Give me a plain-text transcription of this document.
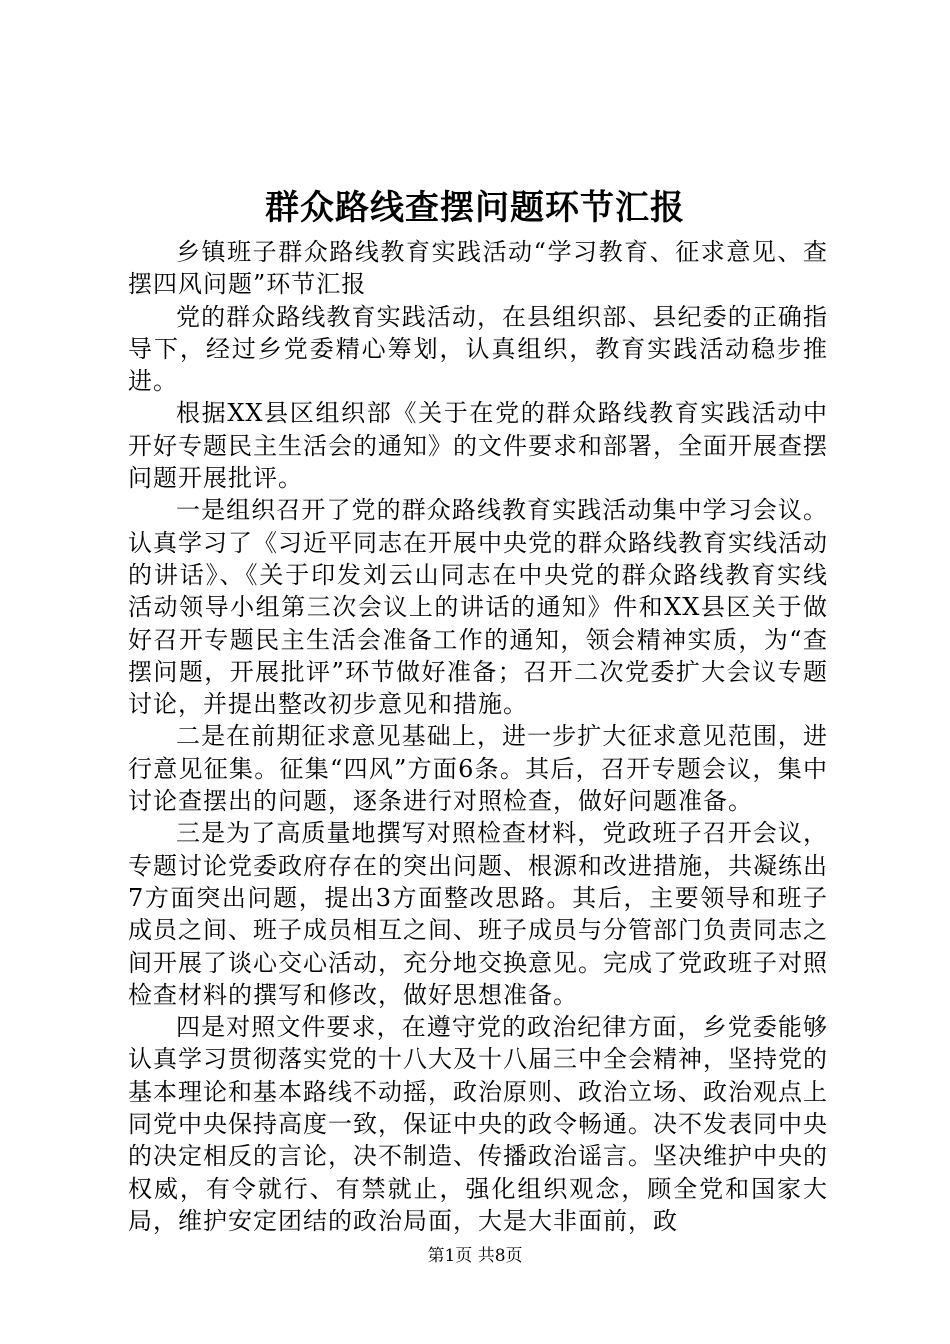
群众路线查摆问题环节汇报

乡镇班子群众路线教育实践活动“学习教育、征求意见、查摆四风问题”环节汇报

党的群众路线教育实践活动，在县组织部、县纪委的正确指导下，经过乡党委精心筹划，认真组织，教育实践活动稳步推进。

根据XX县区组织部《关于在党的群众路线教育实践活动中开好专题民主生活会的通知》的文件要求和部署，全面开展查摆问题开展批评。

一是组织召开了党的群众路线教育实践活动集中学习会议。认真学习了《习近平同志在开展中央党的群众路线教育实线活动的讲话》、《关于印发刘云山同志在中央党的群众路线教育实线活动领导小组第三次会议上的讲话的通知》件和XX县区关于做好召开专题民主生活会准备工作的通知，领会精神实质，为“查摆问题，开展批评”环节做好准备；召开二次党委扩大会议专题讨论，并提出整改初步意见和措施。

二是在前期征求意见基础上，进一步扩大征求意见范围，进行意见征集。征集“四风”方面6条。其后，召开专题会议，集中讨论查摆出的问题，逐条进行对照检查，做好问题准备。

三是为了高质量地撰写对照检查材料，党政班子召开会议，专题讨论党委政府存在的突出问题、根源和改进措施，共凝练出7方面突出问题，提出3方面整改思路。其后，主要领导和班子成员之间、班子成员相互之间、班子成员与分管部门负责同志之间开展了谈心交心活动，充分地交换意见。完成了党政班子对照检查材料的撰写和修改，做好思想准备。

四是对照文件要求，在遵守党的政治纪律方面，乡党委能够认真学习贯彻落实党的十八大及十八届三中全会精神，坚持党的基本理论和基本路线不动摇，政治原则、政治立场、政治观点上同党中央保持高度一致，保证中央的政令畅通。决不发表同中央的决定相反的言论，决不制造、传播政治谣言。坚决维护中央的权威，有令就行、有禁就止，强化组织观念，顾全党和国家大局，维护安定团结的政治局面，大是大非面前，政

第1页 共8页
